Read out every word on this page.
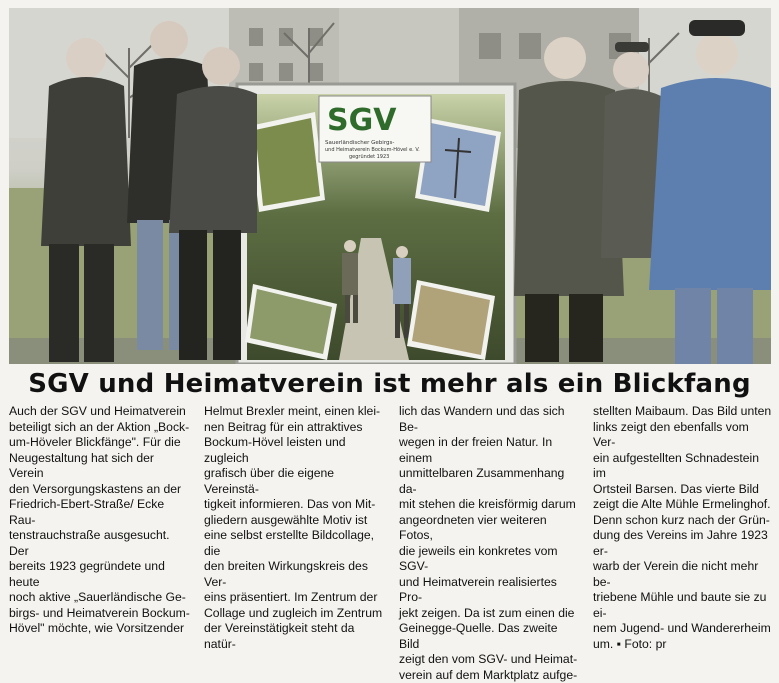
SGV
Sauerländischer Gebirgs-
und Heimatverein Bockum-Hövel e. V.
gegründet 1923
SGV und Heimatverein ist mehr als ein Blickfang

Auch der SGV und Heimatverein
beteiligt sich an der Aktion „Bock-
um-Höveler Blickfänge". Für die
Neugestaltung hat sich der Verein
den Versorgungskastens an der
Friedrich-Ebert-Straße/ Ecke Rau-
tenstrauchstraße ausgesucht. Der
bereits 1923 gegründete und heute
noch aktive „Sauerländische Ge-
birgs- und Heimatverein Bockum-
Hövel" möchte, wie Vorsitzender

Helmut Brexler meint, einen klei-
nen Beitrag für ein attraktives
Bockum-Hövel leisten und zugleich
grafisch über die eigene Vereinstä-
tigkeit informieren. Das von Mit-
gliedern ausgewählte Motiv ist
eine selbst erstellte Bildcollage, die
den breiten Wirkungskreis des Ver-
eins präsentiert. Im Zentrum der
Collage und zugleich im Zentrum
der Vereinstätigkeit steht da natür-

lich das Wandern und das sich Be-
wegen in der freien Natur. In einem
unmittelbaren Zusammenhang da-
mit stehen die kreisförmig darum
angeordneten vier weiteren Fotos,
die jeweils ein konkretes vom SGV-
und Heimatverein realisiertes Pro-
jekt zeigen. Da ist zum einen die
Geinegge-Quelle. Das zweite Bild
zeigt den vom SGV- und Heimat-
verein auf dem Marktplatz aufge-

stellten Maibaum. Das Bild unten
links zeigt den ebenfalls vom Ver-
ein aufgestellten Schnadestein im
Ortsteil Barsen. Das vierte Bild
zeigt die Alte Mühle Ermelinghof.
Denn schon kurz nach der Grün-
dung des Vereins im Jahre 1923 er-
warb der Verein die nicht mehr be-
triebene Mühle und baute sie zu ei-
nem Jugend- und Wandererheim
um. ▪ Foto: pr
